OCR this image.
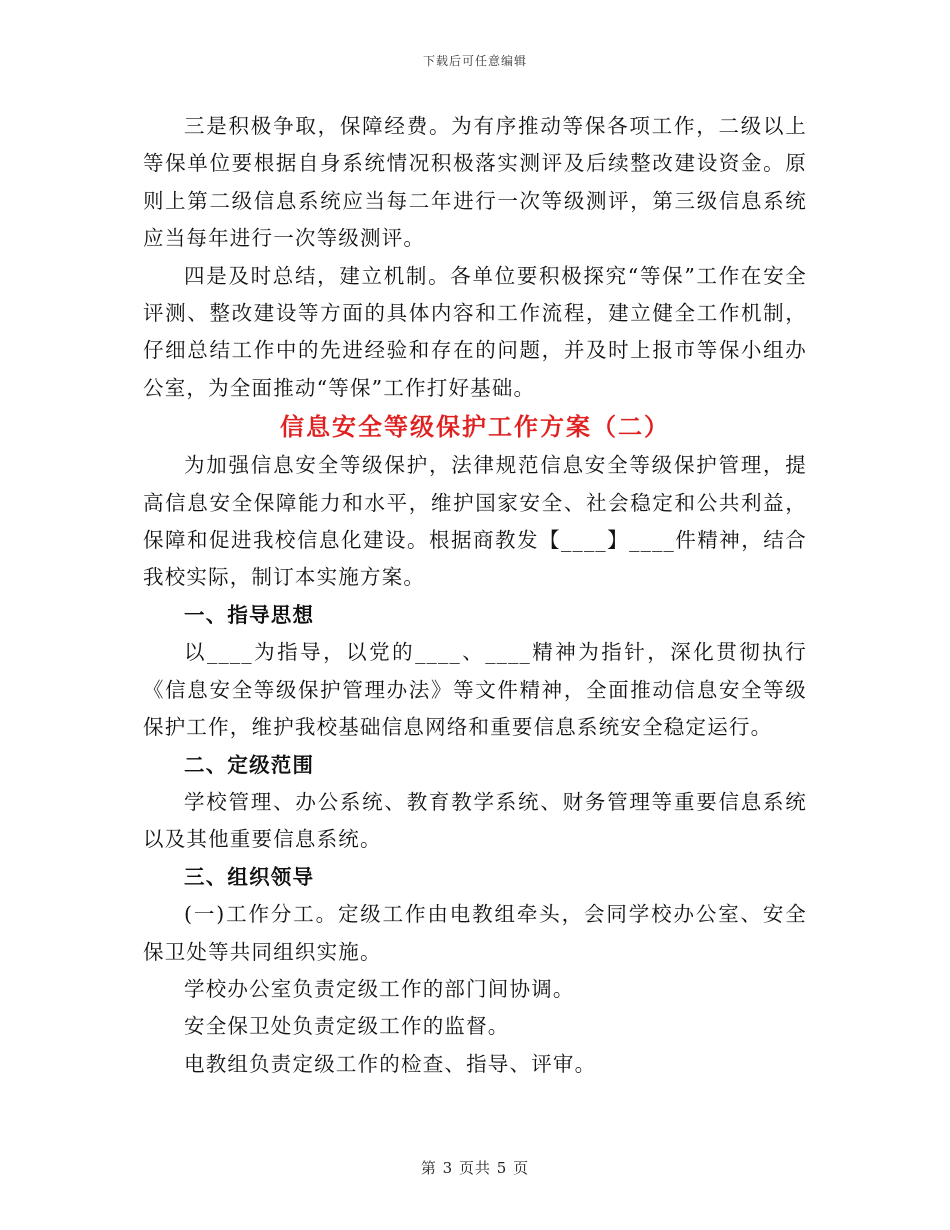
下载后可任意编辑

三是积极争取，保障经费。为有序推动等保各项工作，二级以上等保单位要根据自身系统情况积极落实测评及后续整改建设资金。原则上第二级信息系统应当每二年进行一次等级测评，第三级信息系统应当每年进行一次等级测评。

四是及时总结，建立机制。各单位要积极探究“等保”工作在安全评测、整改建设等方面的具体内容和工作流程，建立健全工作机制，仔细总结工作中的先进经验和存在的问题，并及时上报市等保小组办公室，为全面推动“等保”工作打好基础。

信息安全等级保护工作方案（二）

为加强信息安全等级保护，法律规范信息安全等级保护管理，提高信息安全保障能力和水平，维护国家安全、社会稳定和公共利益，保障和促进我校信息化建设。根据商教发【____】____件精神，结合我校实际，制订本实施方案。

一、指导思想

以____为指导，以党的____、____精神为指针，深化贯彻执行《信息安全等级保护管理办法》等文件精神，全面推动信息安全等级保护工作，维护我校基础信息网络和重要信息系统安全稳定运行。

二、定级范围

学校管理、办公系统、教育教学系统、财务管理等重要信息系统以及其他重要信息系统。

三、组织领导

(一)工作分工。定级工作由电教组牵头，会同学校办公室、安全保卫处等共同组织实施。

学校办公室负责定级工作的部门间协调。

安全保卫处负责定级工作的监督。

电教组负责定级工作的检查、指导、评审。

第 3 页共 5 页
